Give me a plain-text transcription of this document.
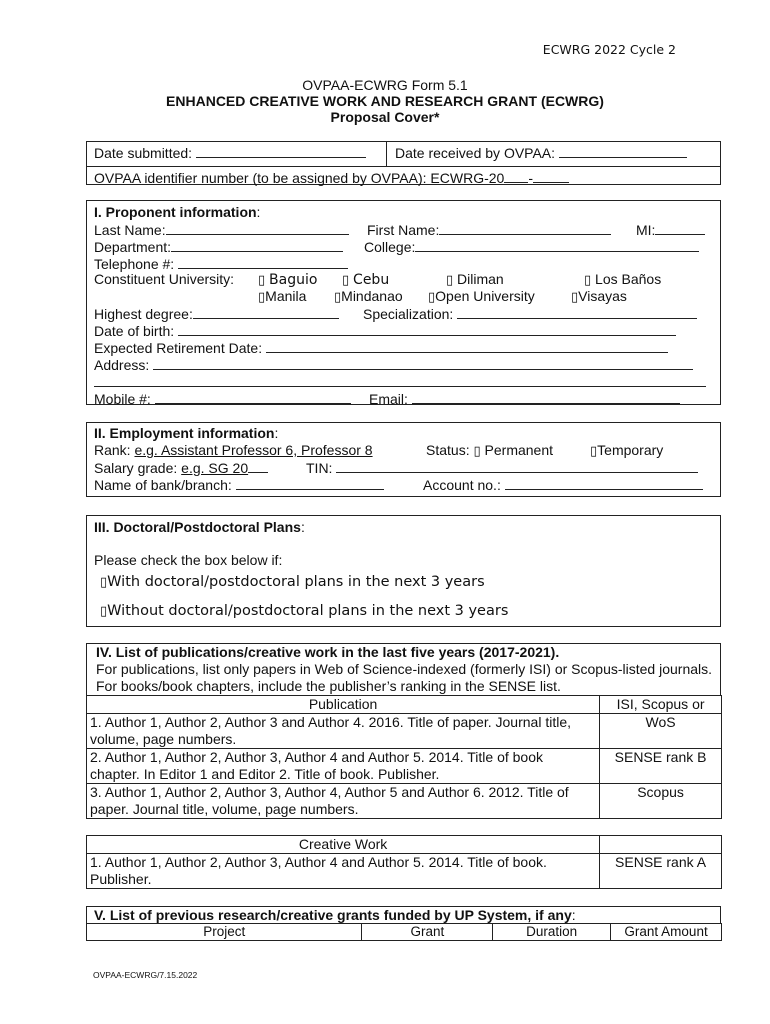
ECWRG 2022 Cycle 2
OVPAA-ECWRG Form 5.1
ENHANCED CREATIVE WORK AND RESEARCH GRANT (ECWRG)
Proposal Cover*
Date submitted:	Date received by OVPAA:
OVPAA identifier number (to be assigned by OVPAA): ECWRG-20 -
I. Proponent information:
Last Name:	First Name:	MI:
Department:	College:
Telephone #:
Constituent University: ▯ Baguio ▯ Cebu	▯ Diliman	▯ Los Baños
▯Manila ▯Mindanao ▯Open University	▯Visayas
Highest degree:	Specialization:
Date of birth:
Expected Retirement Date:
Address:
Mobile #:	Email:
II. Employment information:
Rank: e.g. Assistant Professor 6, Professor 8	Status: ▯ Permanent	▯Temporary
Salary grade: e.g. SG 20	TIN:
Name of bank/branch:	Account no.:
III. Doctoral/Postdoctoral Plans:
Please check the box below if:
▯With doctoral/postdoctoral plans in the next 3 years
▯Without doctoral/postdoctoral plans in the next 3 years
IV. List of publications/creative work in the last five years (2017-2021).
For publications, list only papers in Web of Science-indexed (formerly ISI) or Scopus-listed journals. For books/book chapters, include the publisher’s ranking in the SENSE list.
Publication	ISI, Scopus or
1. Author 1, Author 2, Author 3 and Author 4. 2016. Title of paper. Journal title, volume, page numbers.	WoS
2. Author 1, Author 2, Author 3, Author 4 and Author 5. 2014. Title of book chapter. In Editor 1 and Editor 2. Title of book. Publisher.	SENSE rank B
3. Author 1, Author 2, Author 3, Author 4, Author 5 and Author 6. 2012. Title of paper. Journal title, volume, page numbers.	Scopus
Creative Work	
1. Author 1, Author 2, Author 3, Author 4 and Author 5. 2014. Title of book. Publisher.	SENSE rank A
V. List of previous research/creative grants funded by UP System, if any:
Project	Grant	Duration	Grant Amount
OVPAA-ECWRG/7.15.2022
